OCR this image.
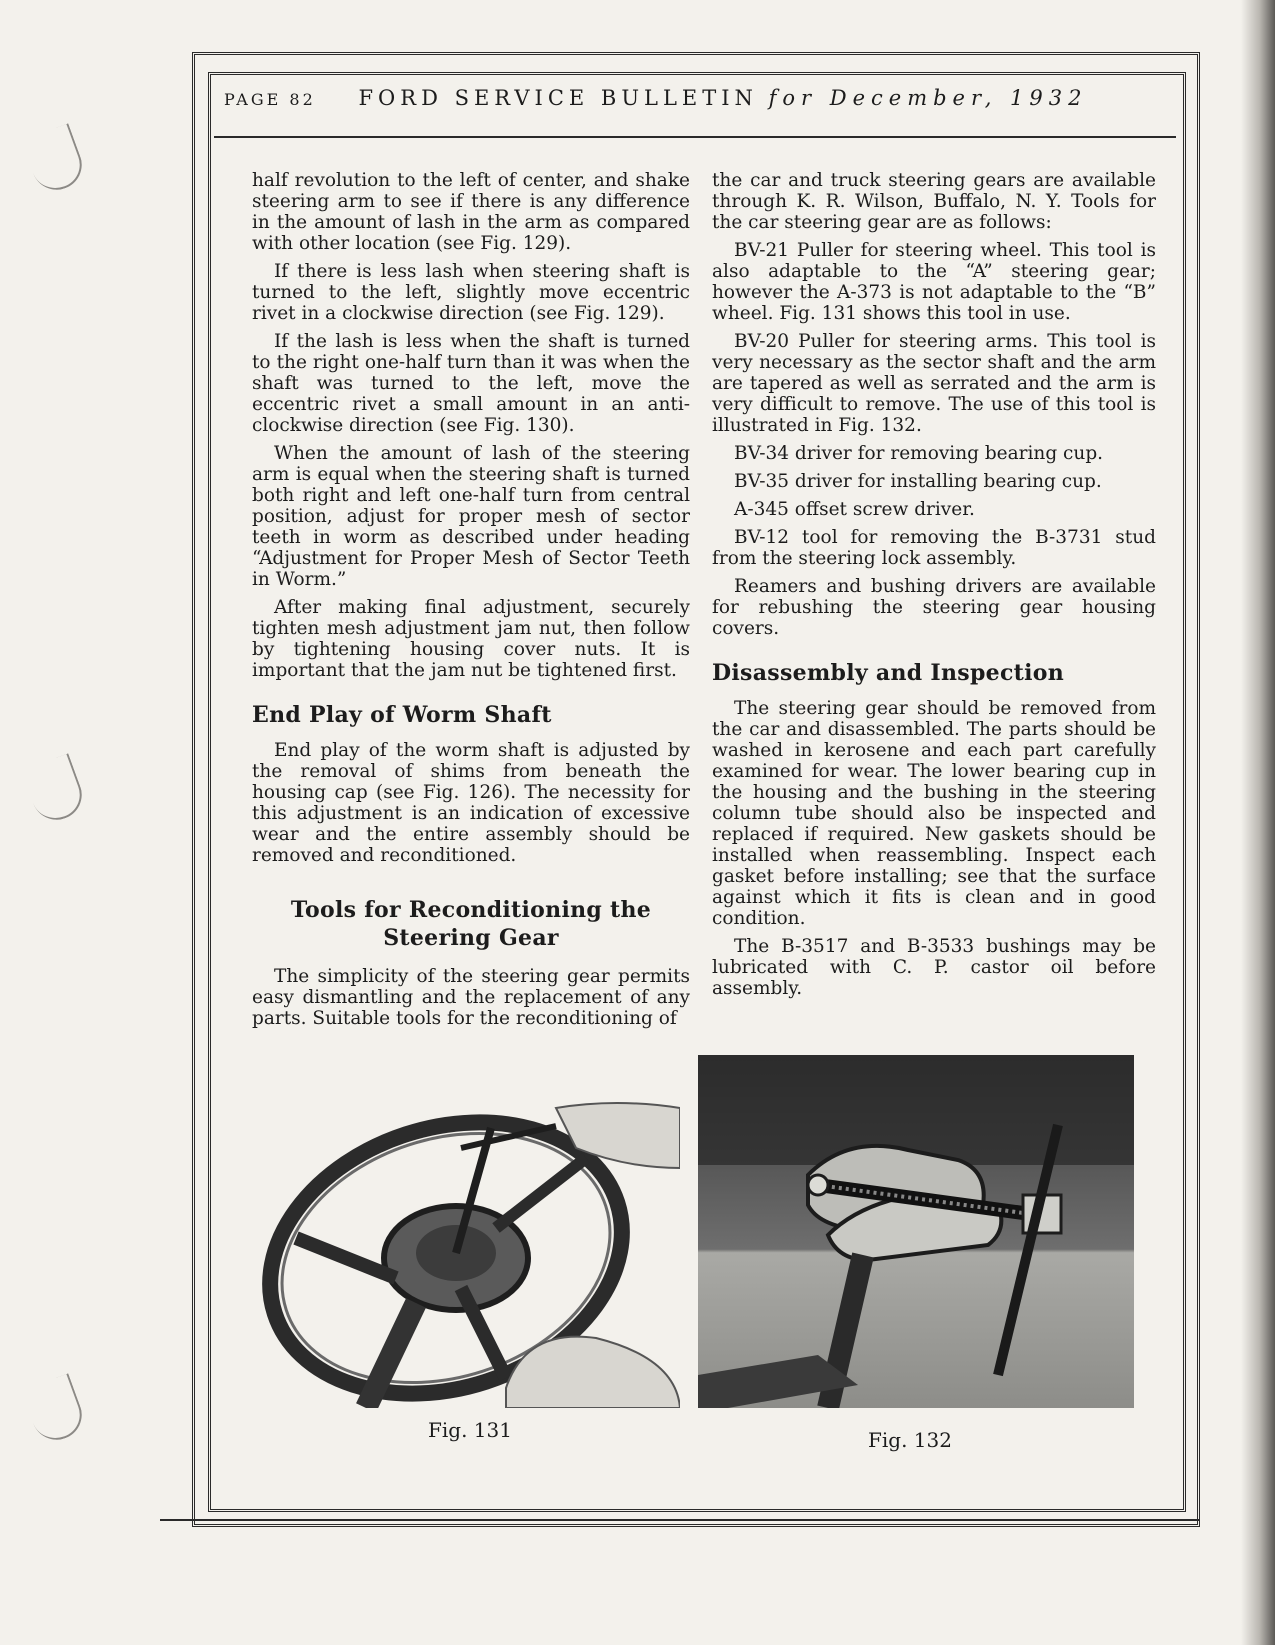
PAGE 82 FORD SERVICE BULLETIN for December, 1932

half revolution to the left of center, and shake steering arm to see if there is any difference in the amount of lash in the arm as compared with other location (see Fig. 129).

If there is less lash when steering shaft is turned to the left, slightly move eccentric rivet in a clockwise direction (see Fig. 129).

If the lash is less when the shaft is turned to the right one-half turn than it was when the shaft was turned to the left, move the eccentric rivet a small amount in an anti-clockwise direction (see Fig. 130).

When the amount of lash of the steering arm is equal when the steering shaft is turned both right and left one-half turn from central position, adjust for proper mesh of sector teeth in worm as described under heading “Adjustment for Proper Mesh of Sector Teeth in Worm.”

After making final adjustment, securely tighten mesh adjustment jam nut, then follow by tightening housing cover nuts. It is important that the jam nut be tightened first.

End Play of Worm Shaft

End play of the worm shaft is adjusted by the removal of shims from beneath the housing cap (see Fig. 126). The necessity for this adjustment is an indication of excessive wear and the entire assembly should be removed and reconditioned.

Tools for Reconditioning the
Steering Gear

The simplicity of the steering gear permits easy dismantling and the replacement of any parts. Suitable tools for the reconditioning of

the car and truck steering gears are available through K. R. Wilson, Buffalo, N. Y. Tools for the car steering gear are as follows:

BV-21 Puller for steering wheel. This tool is also adaptable to the “A” steering gear; however the A-373 is not adaptable to the “B” wheel. Fig. 131 shows this tool in use.

BV-20 Puller for steering arms. This tool is very necessary as the sector shaft and the arm are tapered as well as serrated and the arm is very difficult to remove. The use of this tool is illustrated in Fig. 132.

BV-34 driver for removing bearing cup.

BV-35 driver for installing bearing cup.

A-345 offset screw driver.

BV-12 tool for removing the B-3731 stud from the steering lock assembly.

Reamers and bushing drivers are available for rebushing the steering gear housing covers.

Disassembly and Inspection

The steering gear should be removed from the car and disassembled. The parts should be washed in kerosene and each part carefully examined for wear. The lower bearing cup in the housing and the bushing in the steering column tube should also be inspected and replaced if required. New gaskets should be installed when reassembling. Inspect each gasket before installing; see that the surface against which it fits is clean and in good condition.

The B-3517 and B-3533 bushings may be lubricated with C. P. castor oil before assembly.

Fig. 131	Fig. 132
